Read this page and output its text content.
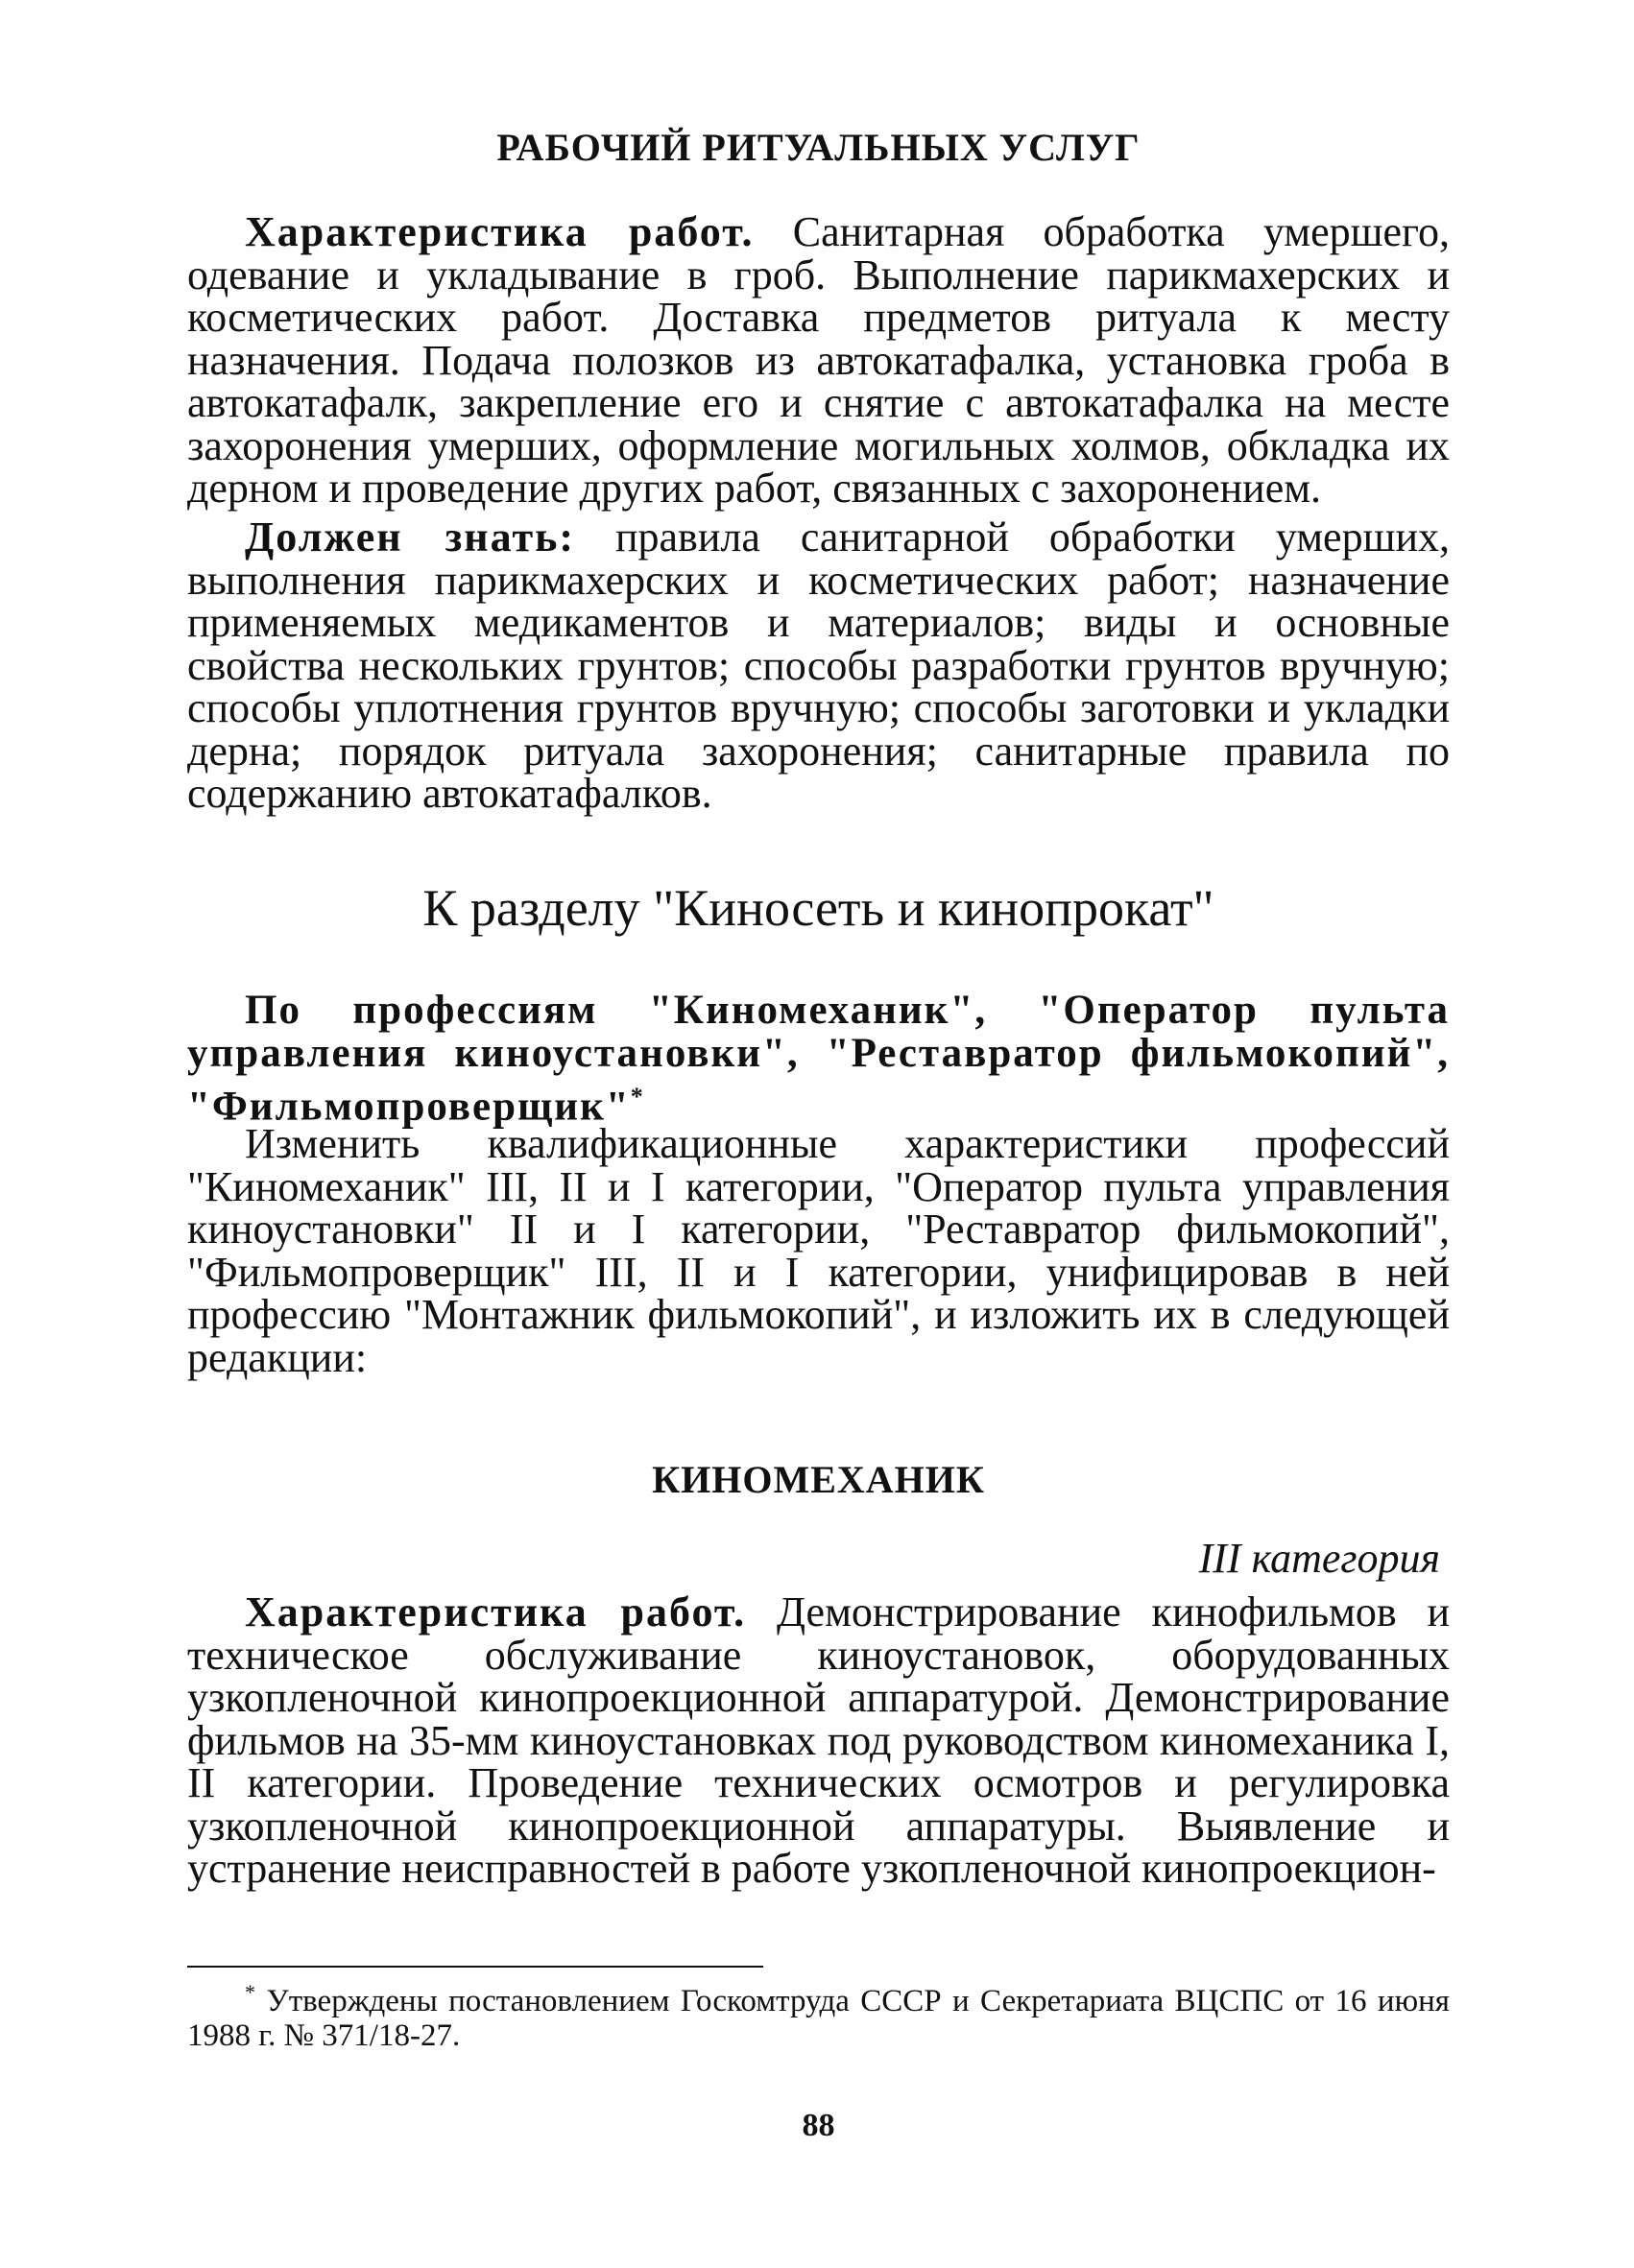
РАБОЧИЙ РИТУАЛЬНЫХ УСЛУГ

Характеристика работ. Санитарная обработка умершего, одевание и укладывание в гроб. Выполнение парикмахерских и косметических работ. Доставка предметов ритуала к месту назначения. Подача полозков из автокатафалка, установка гроба в автокатафалк, закрепление его и снятие с автокатафалка на месте захоронения умерших, оформление могильных холмов, обкладка их дерном и проведение других работ, связанных с захоронением.

Должен знать: правила санитарной обработки умерших, выполнения парикмахерских и косметических работ; назначение применяемых медикаментов и материалов; виды и основные свойства нескольких грунтов; способы разработки грунтов вручную; способы уплотнения грунтов вручную; способы заготовки и укладки дерна; порядок ритуала захоронения; санитарные правила по содержанию автокатафалков.

К разделу "Киносеть и кинопрокат"

По профессиям "Киномеханик", "Оператор пульта управления киноустановки", "Реставратор фильмокопий", "Фильмопроверщик"*

Изменить квалификационные характеристики профессий "Киномеханик" III, II и I категории, "Оператор пульта управления киноустановки" II и I категории, "Реставратор фильмокопий", "Фильмопроверщик" III, II и I категории, унифицировав в ней профессию "Монтажник фильмокопий", и изложить их в следующей редакции:

КИНОМЕХАНИК

III категория

Характеристика работ. Демонстрирование кинофильмов и техническое обслуживание киноустановок, оборудованных узкопленочной кинопроекционной аппаратурой. Демонстрирование фильмов на 35-мм киноустановках под руководством киномеханика I, II категории. Проведение технических осмотров и регулировка узкопленочной кинопроекционной аппаратуры. Выявление и устранение неисправностей в работе узкопленочной кинопроекцион-

* Утверждены постановлением Госкомтруда СССР и Секретариата ВЦСПС от 16 июня 1988 г. № 371/18-27.

88
